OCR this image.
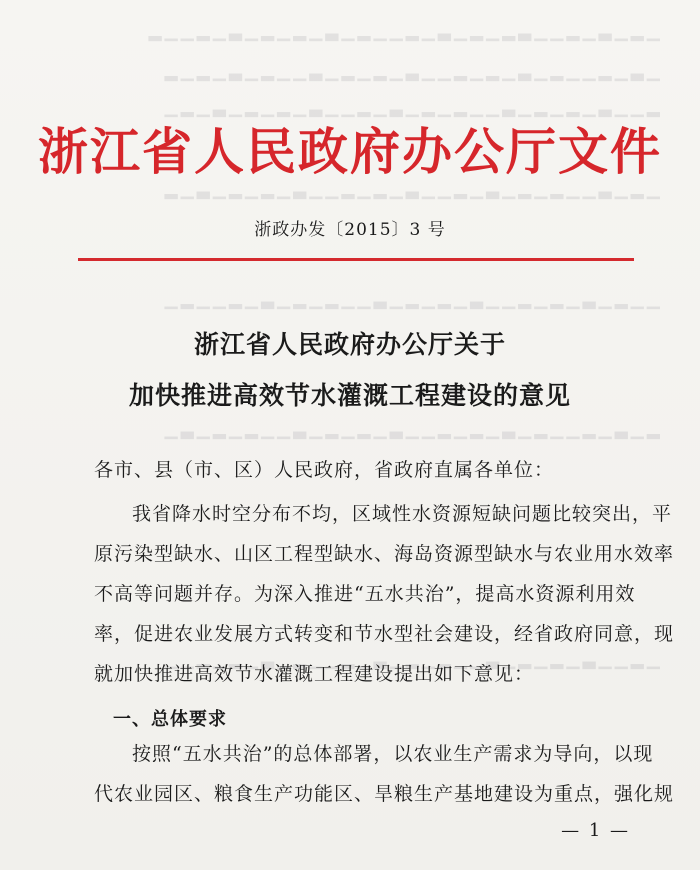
▁▂▁▃▁▂▁▁▃▂▁▂▁▃▁▂▁▁▂▁▃▁▂▁▂▁▃▁▂▁▁▂
▁▃▁▂▁▁▂▁▃▁▂▁▂▁▁▃▁▂▁▂▁▃▁▁▂▁▃▁▂▁▂
▂▁▁▃▁▂▁▂▁▃▁▁▂▁▂▁▃▁▂▁▁▃▁▂▁▂▁▃▁▂▁
▁▂▁▃▁▁▂▁▂▁▃▁▂▁▁▃▁▂▁▂▁▁▃▁▂▁▂▁▃▁▂
▁▁▂▁▃▁▂▁▂▁▁▃▁▂▁▂▁▃▁▁▂▁▂▁▃▁▂▁▁▂▁
▂▁▃▁▂▁▁▂▁▃▁▂▁▂▁▁▃▁▂▁▂▁▃▁▁▂▁▂▁▃▁
▁▂▁▁▃▁▂▁▂▁▃▁▁▂▁▂▁▃▁▂▁▁▂▁▃▁▂▁▂▁▁
浙江省人民政府办公厅文件
浙政办发〔2015〕3 号
浙江省人民政府办公厅关于
加快推进高效节水灌溉工程建设的意见
各市、县（市、区）人民政府，省政府直属各单位：
我省降水时空分布不均，区域性水资源短缺问题比较突出，平
原污染型缺水、山区工程型缺水、海岛资源型缺水与农业用水效率
不高等问题并存。为深入推进“五水共治”，提高水资源利用效
率，促进农业发展方式转变和节水型社会建设，经省政府同意，现
就加快推进高效节水灌溉工程建设提出如下意见：
一、总体要求
按照“五水共治”的总体部署，以农业生产需求为导向，以现
代农业园区、粮食生产功能区、旱粮生产基地建设为重点，强化规
— 1 —
